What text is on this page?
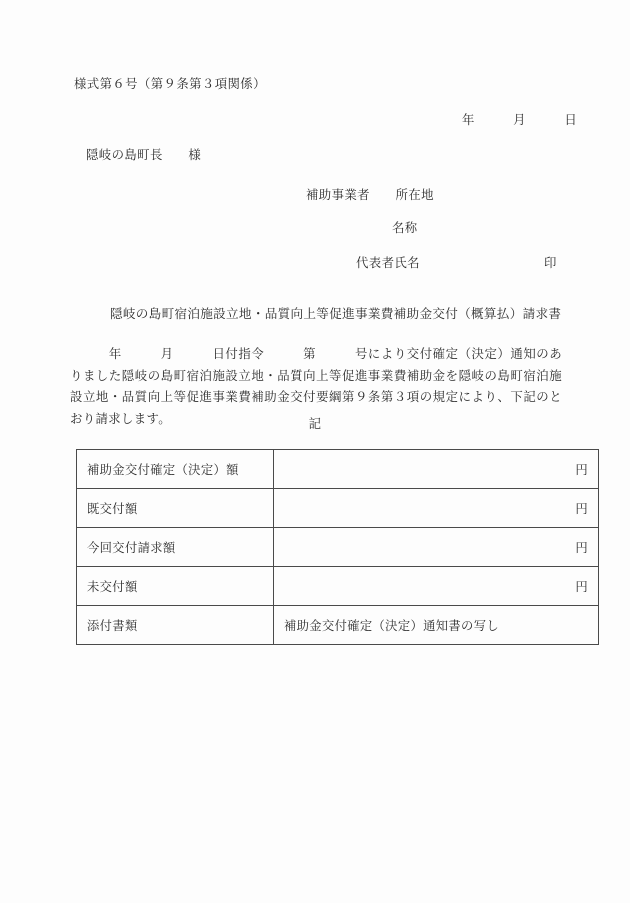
様式第６号（第９条第３項関係）
年　　　月　　　日
隠岐の島町長　　様
補助事業者　　所在地
名称
代表者氏名	印
隠岐の島町宿泊施設立地・品質向上等促進事業費補助金交付（概算払）請求書
　　　年　　　月　　　日付指令　　　第　　　号により交付確定（決定）通知のありました隠岐の島町宿泊施設立地・品質向上等促進事業費補助金を隠岐の島町宿泊施設立地・品質向上等促進事業費補助金交付要綱第９条第３項の規定により、下記のとおり請求します。	記
補助金交付確定（決定）額	円
既交付額	円
今回交付請求額	円
未交付額	円
添付書類	補助金交付確定（決定）通知書の写し
